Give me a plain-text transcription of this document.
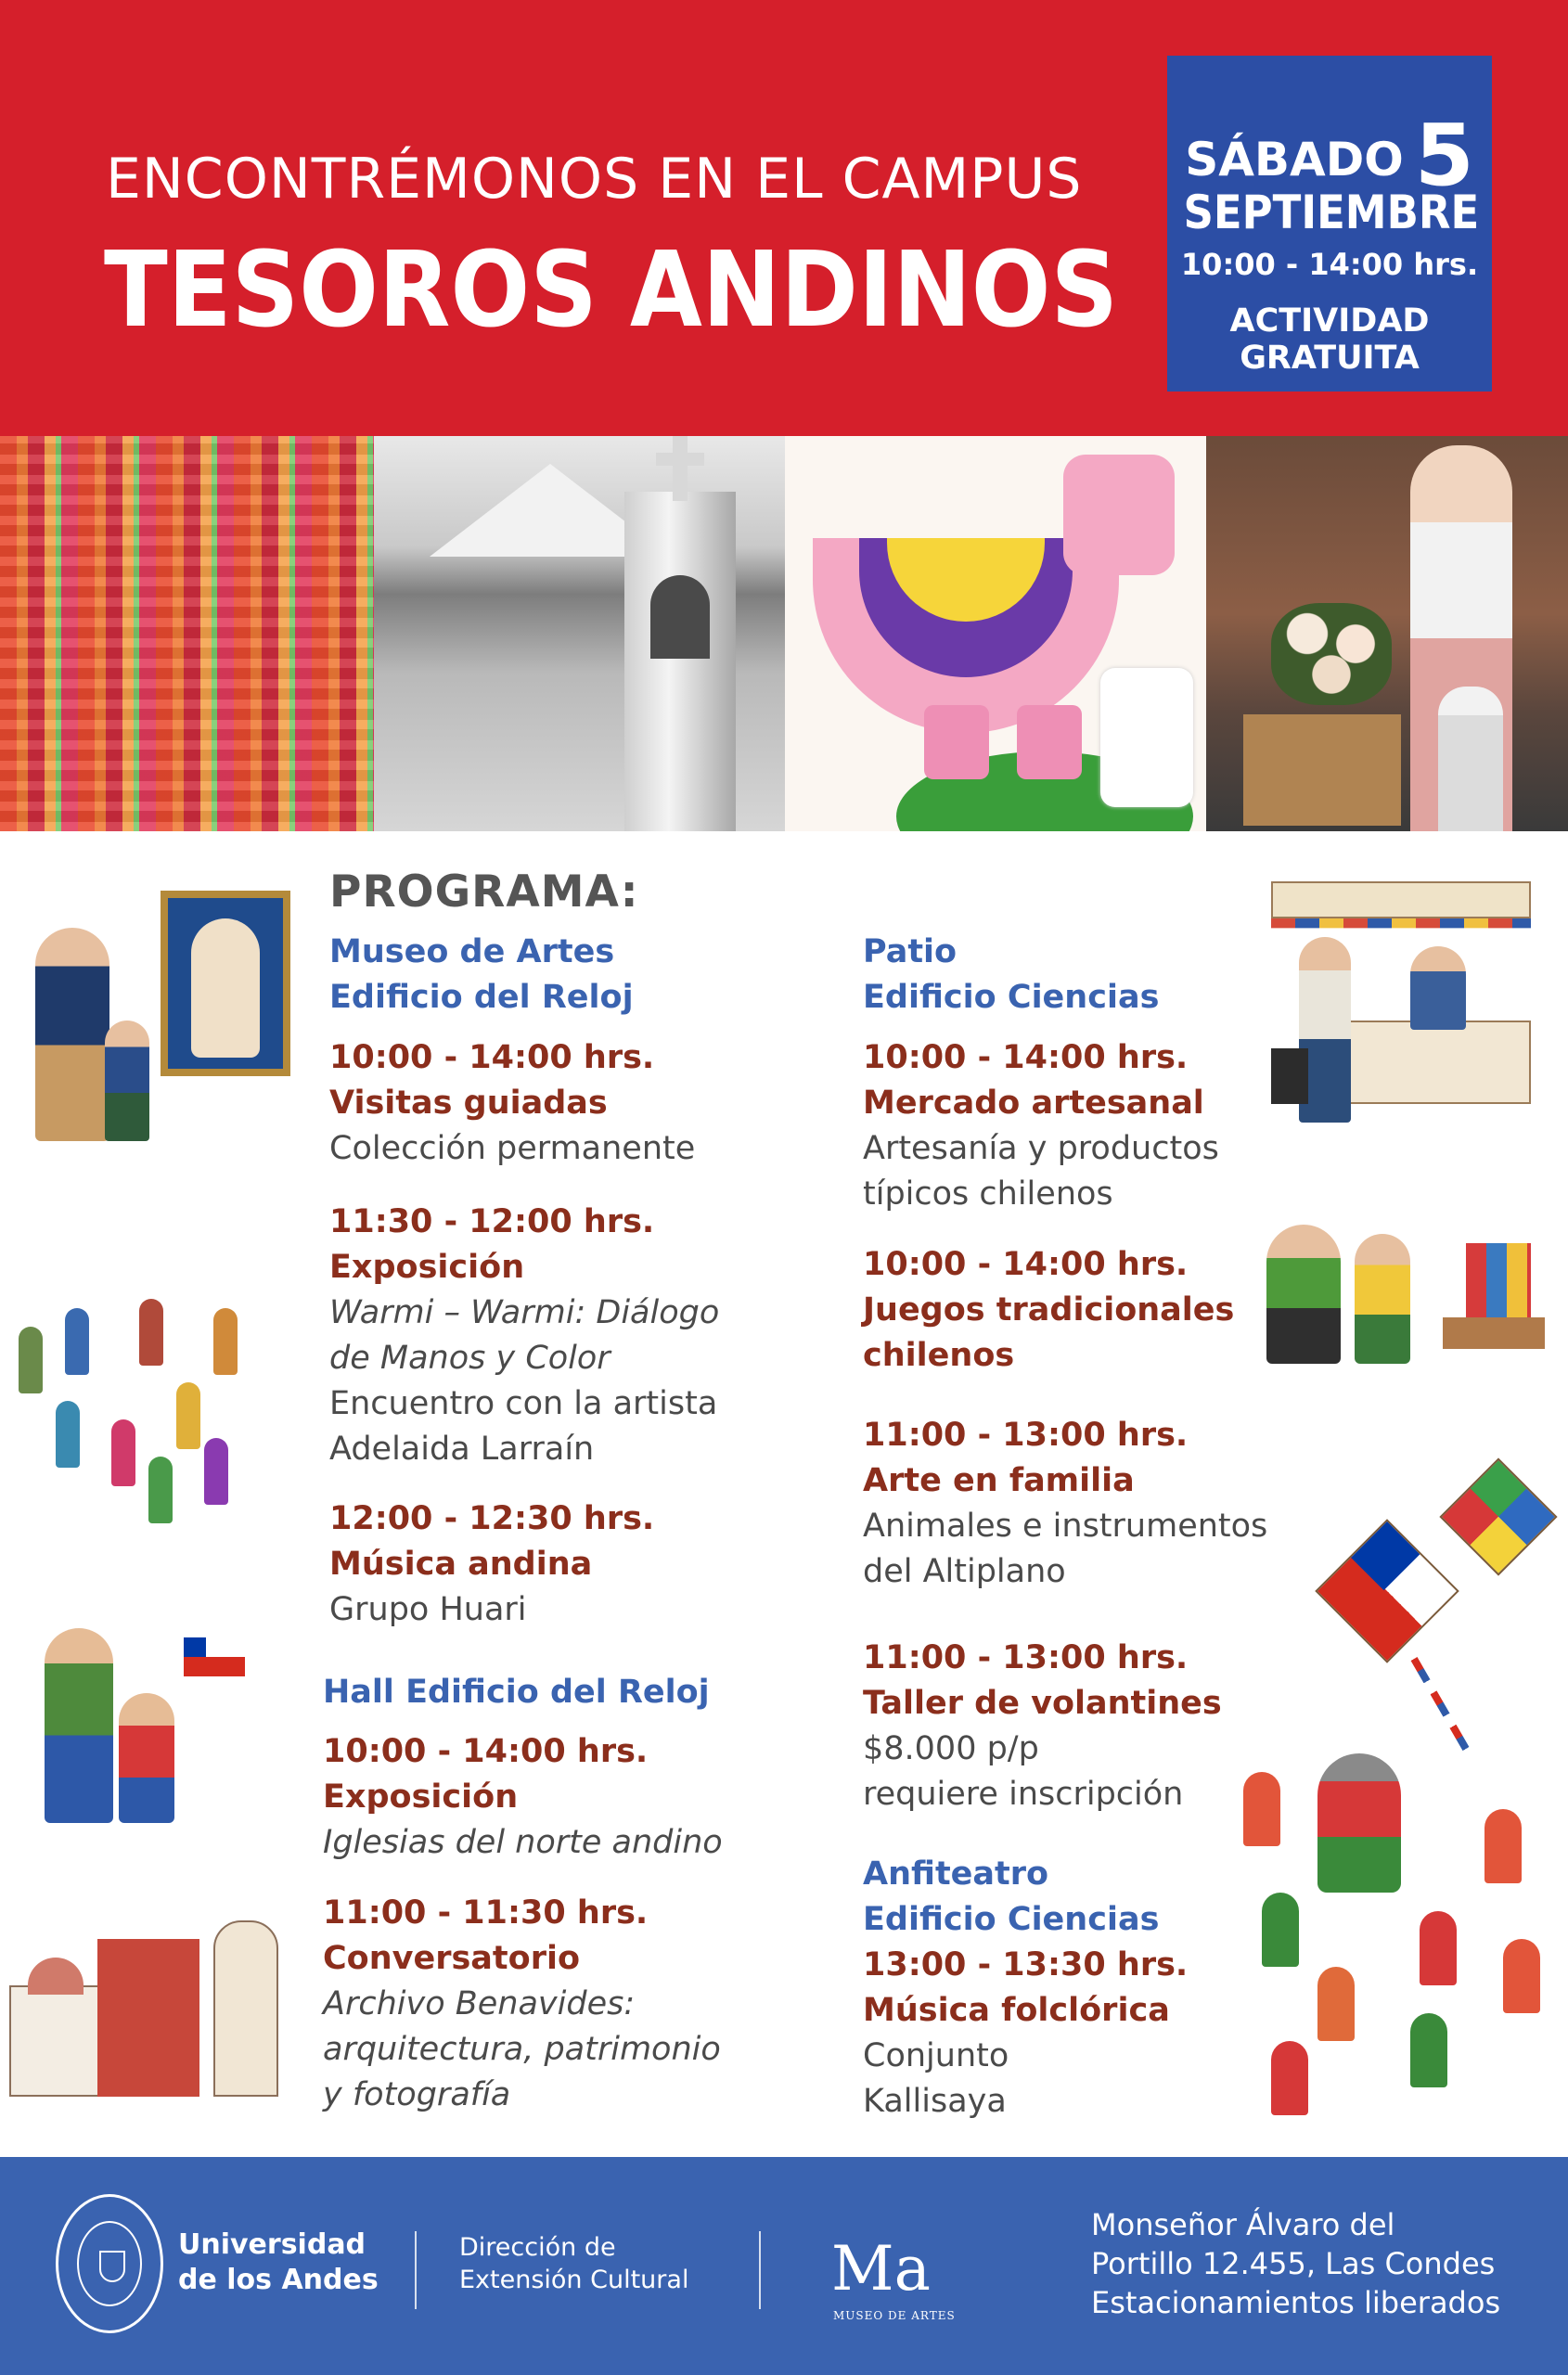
ENCONTRÉMONOS EN EL CAMPUS
TESOROS ANDINOS
SÁBADO 5
SEPTIEMBRE
10:00 - 14:00 hrs.
ACTIVIDAD
GRATUITA
PROGRAMA:
Museo de Artes
Edificio del Reloj
10:00 - 14:00 hrs.
Visitas guiadas
Colección permanente
11:30 - 12:00 hrs.
Exposición
Warmi – Warmi: Diálogo
de Manos y Color
Encuentro con la artista
Adelaida Larraín
12:00 - 12:30 hrs.
Música andina
Grupo Huari
Hall Edificio del Reloj
10:00 - 14:00 hrs.
Exposición
Iglesias del norte andino
11:00 - 11:30 hrs.
Conversatorio
Archivo Benavides:
arquitectura, patrimonio
y fotografía
Patio
Edificio Ciencias
10:00 - 14:00 hrs.
Mercado artesanal
Artesanía y productos
típicos chilenos
10:00 - 14:00 hrs.
Juegos tradicionales
chilenos
11:00 - 13:00 hrs.
Arte en familia
Animales e instrumentos
del Altiplano
11:00 - 13:00 hrs.
Taller de volantines
$8.000 p/p
requiere inscripción
Anfiteatro
Edificio Ciencias
13:00 - 13:30 hrs.
Música folclórica
Conjunto
Kallisaya
Universidad
de los Andes
Dirección de
Extensión Cultural Ma
MUSEO DE ARTES
Monseñor Álvaro del
Portillo 12.455, Las Condes
Estacionamientos liberados
